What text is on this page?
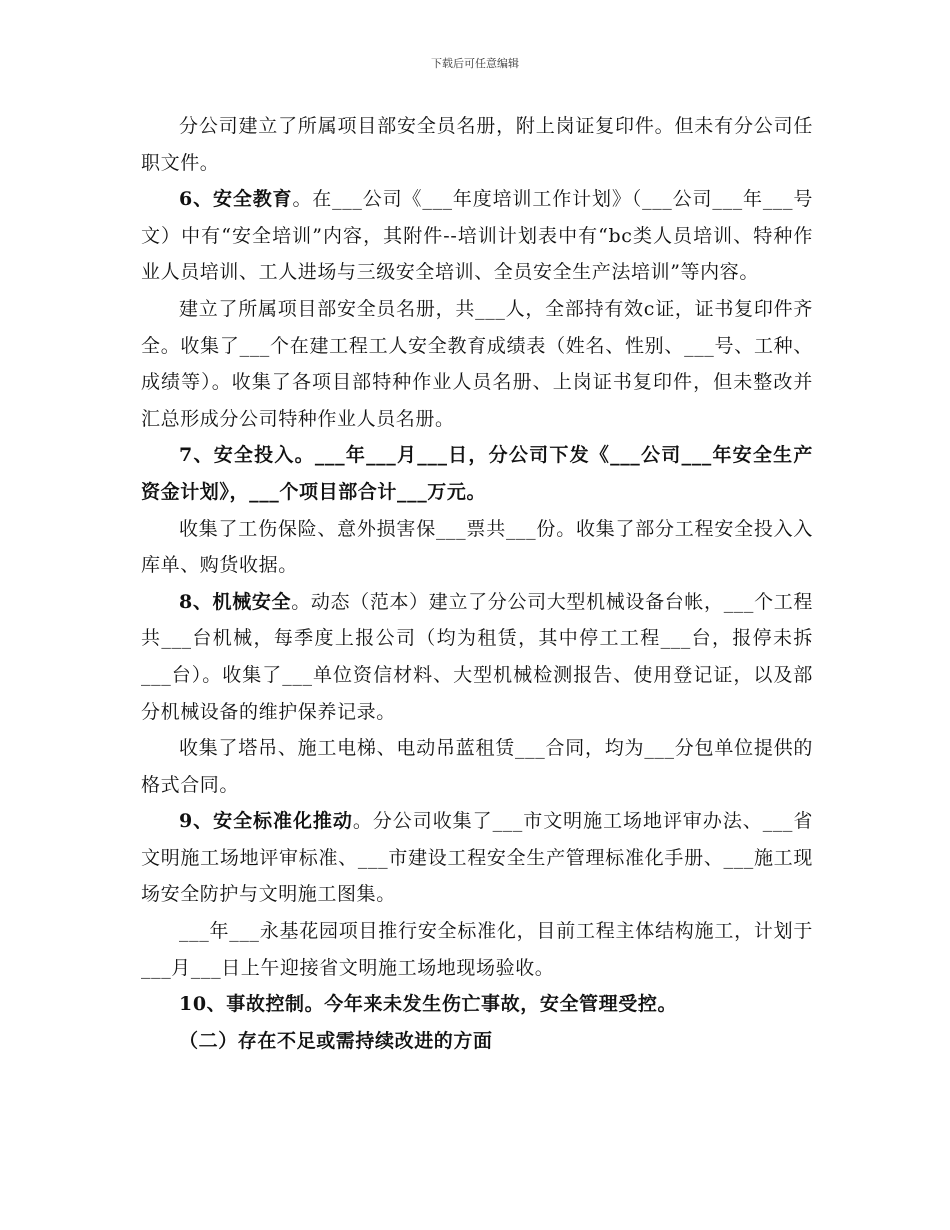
下载后可任意编辑

分公司建立了所属项目部安全员名册，附上岗证复印件。但未有分公司任职文件。

6、安全教育。在___公司《___年度培训工作计划》（___公司___年___号文）中有“安全培训”内容，其附件--培训计划表中有“bc类人员培训、特种作业人员培训、工人进场与三级安全培训、全员安全生产法培训”等内容。

建立了所属项目部安全员名册，共___人，全部持有效c证，证书复印件齐全。收集了___个在建工程工人安全教育成绩表（姓名、性别、___号、工种、成绩等）。收集了各项目部特种作业人员名册、上岗证书复印件，但未整改并汇总形成分公司特种作业人员名册。

7、安全投入。___年___月___日，分公司下发《___公司___年安全生产资金计划》，___个项目部合计___万元。

收集了工伤保险、意外损害保___票共___份。收集了部分工程安全投入入库单、购货收据。

8、机械安全。动态（范本）建立了分公司大型机械设备台帐，___个工程共___台机械，每季度上报公司（均为租赁，其中停工工程___台，报停未拆___台）。收集了___单位资信材料、大型机械检测报告、使用登记证，以及部分机械设备的维护保养记录。

收集了塔吊、施工电梯、电动吊蓝租赁___合同，均为___分包单位提供的格式合同。

9、安全标准化推动。分公司收集了___市文明施工场地评审办法、___省文明施工场地评审标准、___市建设工程安全生产管理标准化手册、___施工现场安全防护与文明施工图集。

___年___永基花园项目推行安全标准化，目前工程主体结构施工，计划于___月___日上午迎接省文明施工场地现场验收。

10、事故控制。今年来未发生伤亡事故，安全管理受控。

（二）存在不足或需持续改进的方面
